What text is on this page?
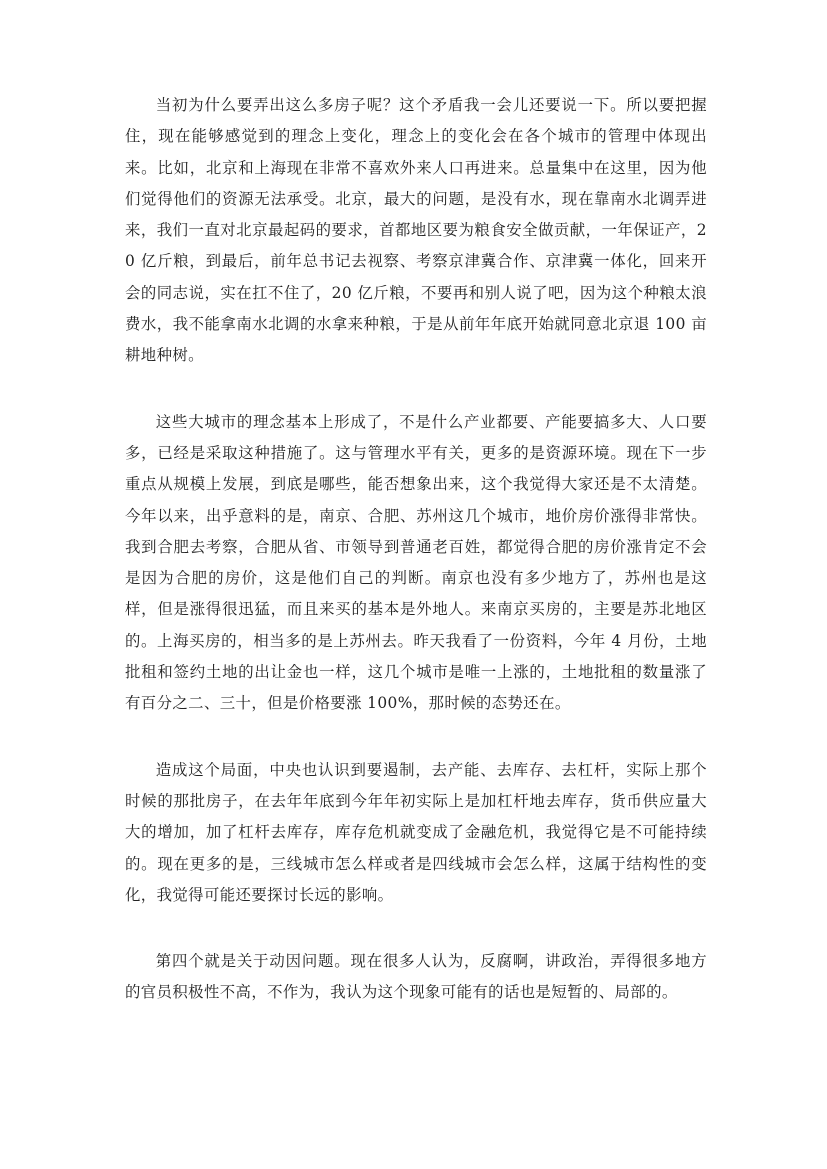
当初为什么要弄出这么多房子呢？这个矛盾我一会儿还要说一下。所以要把握住，现在能够感觉到的理念上变化，理念上的变化会在各个城市的管理中体现出来。比如，北京和上海现在非常不喜欢外来人口再进来。总量集中在这里，因为他们觉得他们的资源无法承受。北京，最大的问题，是没有水，现在靠南水北调弄进来，我们一直对北京最起码的要求，首都地区要为粮食安全做贡献，一年保证产，20 亿斤粮，到最后，前年总书记去视察、考察京津冀合作、京津冀一体化，回来开会的同志说，实在扛不住了，20 亿斤粮，不要再和别人说了吧，因为这个种粮太浪费水，我不能拿南水北调的水拿来种粮，于是从前年年底开始就同意北京退 100 亩耕地种树。

这些大城市的理念基本上形成了，不是什么产业都要、产能要搞多大、人口要多，已经是采取这种措施了。这与管理水平有关，更多的是资源环境。现在下一步重点从规模上发展，到底是哪些，能否想象出来，这个我觉得大家还是不太清楚。今年以来，出乎意料的是，南京、合肥、苏州这几个城市，地价房价涨得非常快。我到合肥去考察，合肥从省、市领导到普通老百姓，都觉得合肥的房价涨肯定不会是因为合肥的房价，这是他们自己的判断。南京也没有多少地方了，苏州也是这样，但是涨得很迅猛，而且来买的基本是外地人。来南京买房的，主要是苏北地区的。上海买房的，相当多的是上苏州去。昨天我看了一份资料，今年 4 月份，土地批租和签约土地的出让金也一样，这几个城市是唯一上涨的，土地批租的数量涨了有百分之二、三十，但是价格要涨 100%，那时候的态势还在。

造成这个局面，中央也认识到要遏制，去产能、去库存、去杠杆，实际上那个时候的那批房子，在去年年底到今年年初实际上是加杠杆地去库存，货币供应量大大的增加，加了杠杆去库存，库存危机就变成了金融危机，我觉得它是不可能持续的。现在更多的是，三线城市怎么样或者是四线城市会怎么样，这属于结构性的变化，我觉得可能还要探讨长远的影响。

第四个就是关于动因问题。现在很多人认为，反腐啊，讲政治，弄得很多地方的官员积极性不高，不作为，我认为这个现象可能有的话也是短暂的、局部的。
